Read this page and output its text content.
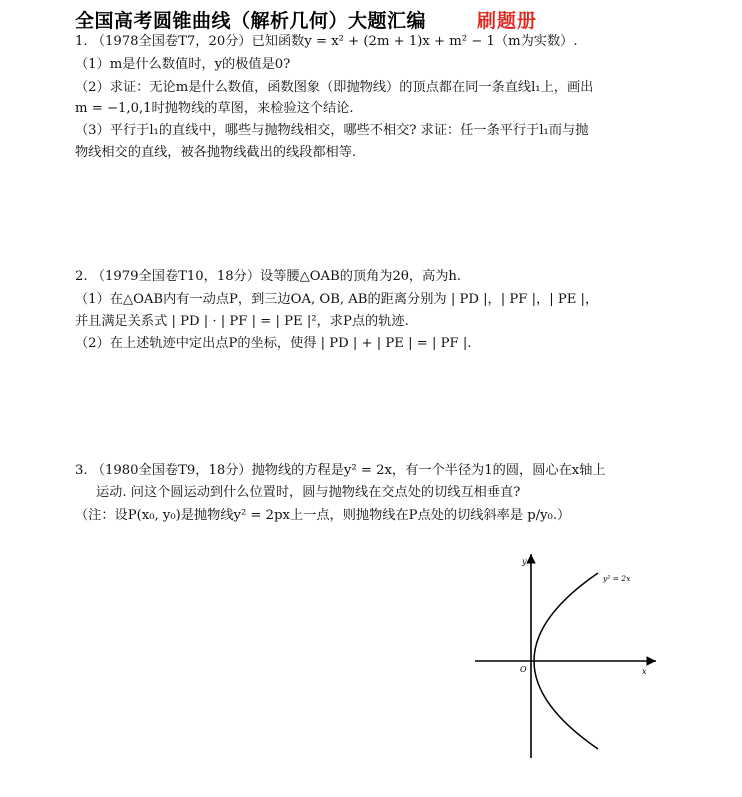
全国高考圆锥曲线（解析几何）大题汇编	刷题册
1. （1978全国卷T7，20分）已知函数y = x² + (2m + 1)x + m² − 1（m为实数）.
（1）m是什么数值时，y的极值是0?
（2）求证：无论m是什么数值，函数图象（即抛物线）的顶点都在同一条直线l₁上，画出
m = −1,0,1时抛物线的草图，来检验这个结论.
（3）平行于l₁的直线中，哪些与抛物线相交，哪些不相交? 求证：任一条平行于l₁而与抛
物线相交的直线，被各抛物线截出的线段都相等.
2. （1979全国卷T10，18分）设等腰△OAB的顶角为2θ，高为h.
（1）在△OAB内有一动点P，到三边OA, OB, AB的距离分别为 | PD |，| PF |，| PE |，
并且满足关系式 | PD | · | PF | = | PE |²，求P点的轨迹.
（2）在上述轨迹中定出点P的坐标，使得 | PD | + | PE | = | PF |.
3. （1980全国卷T9，18分）抛物线的方程是y² = 2x，有一个半径为1的圆，圆心在x轴上
运动. 问这个圆运动到什么位置时，圆与抛物线在交点处的切线互相垂直?
（注：设P(x₀, y₀)是抛物线y² = 2px上一点，则抛物线在P点处的切线斜率是 p/y₀.）
y
x
O
y² = 2x
